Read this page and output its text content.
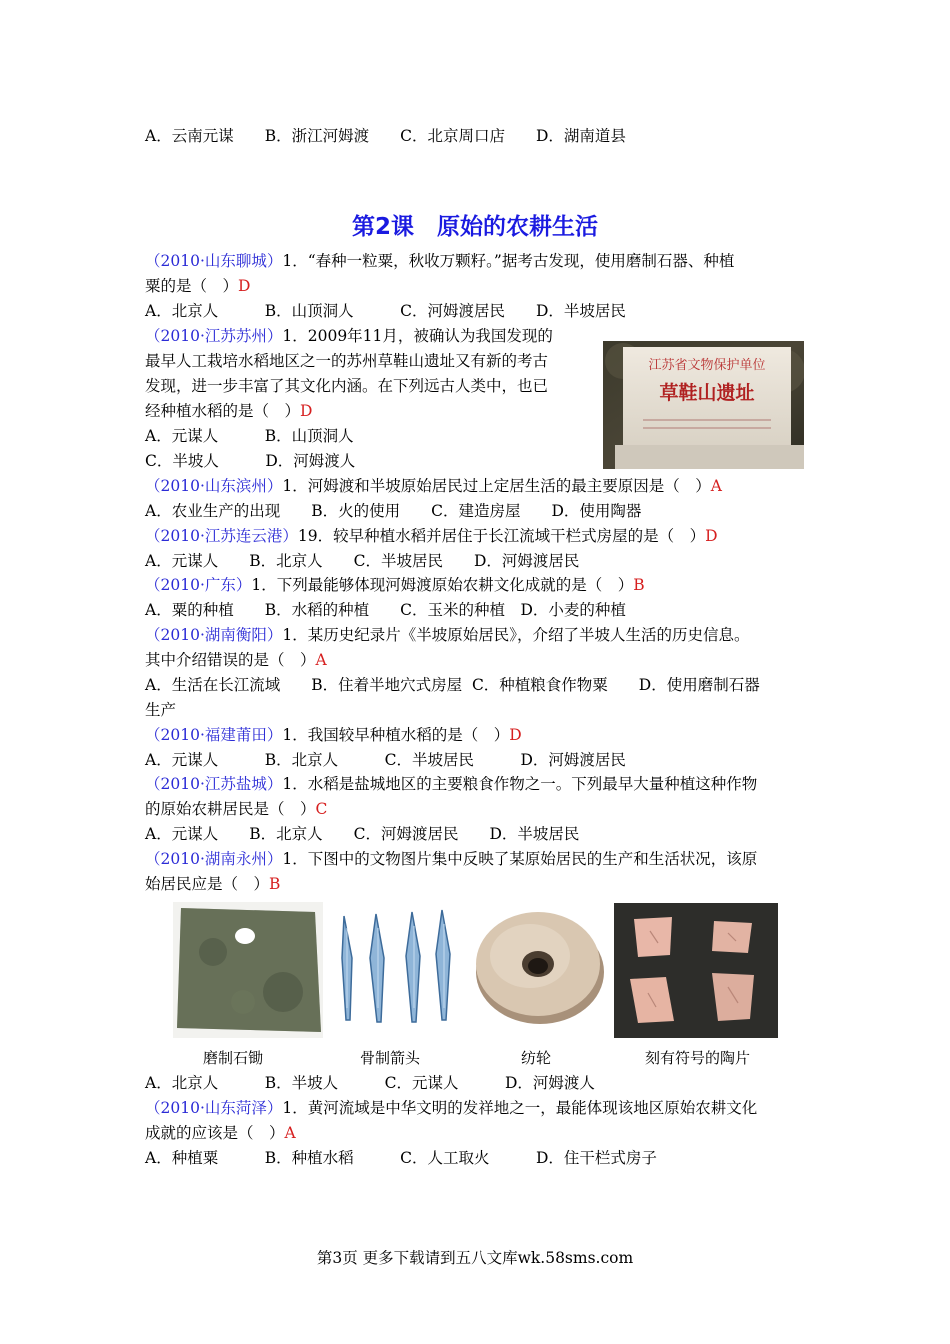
A．云南元谋　　B．浙江河姆渡　　C．北京周口店　　D．湖南道县
第2课　原始的农耕生活
（2010·山东聊城）1．“春种一粒粟，秋收万颗籽。”据考古发现，使用磨制石器、种植
粟的是（　）D
A．北京人　　　B．山顶洞人　　　C．河姆渡居民　　D．半坡居民
（2010·江苏苏州）1．2009年11月，被确认为我国发现的
最早人工栽培水稻地区之一的苏州草鞋山遗址又有新的考古
发现，进一步丰富了其文化内涵。在下列远古人类中，也已
经种植水稻的是（　）D
A．元谋人　　　B．山顶洞人
C．半坡人　　　D．河姆渡人
江苏省文物保护单位
草鞋山遗址
（2010·山东滨州）1．河姆渡和半坡原始居民过上定居生活的最主要原因是（　）A
A．农业生产的出现　　B．火的使用　　C．建造房屋　　D．使用陶器
（2010·江苏连云港）19．较早种植水稻并居住于长江流域干栏式房屋的是（　）D
A．元谋人　　B．北京人　　C．半坡居民　　D．河姆渡居民
（2010·广东）1．下列最能够体现河姆渡原始农耕文化成就的是（　）B
A．粟的种植　　B．水稻的种植　　C．玉米的种植　D．小麦的种植
（2010·湖南衡阳）1．某历史纪录片《半坡原始居民》，介绍了半坡人生活的历史信息。
其中介绍错误的是（　）A
A．生活在长江流域　　B．住着半地穴式房屋  C．种植粮食作物粟　　D．使用磨制石器
生产
（2010·福建莆田）1．我国较早种植水稻的是（　）D
A．元谋人　　　B．北京人　　　C．半坡居民　　　D．河姆渡居民
（2010·江苏盐城）1．水稻是盐城地区的主要粮食作物之一。下列最早大量种植这种作物
的原始农耕居民是（　）C
A．元谋人　　B．北京人　　C．河姆渡居民　　D．半坡居民
（2010·湖南永州）1．下图中的文物图片集中反映了某原始居民的生产和生活状况，该原
始居民应是（　）B
磨制石锄	骨制箭头	纺轮	刻有符号的陶片
A．北京人　　　B．半坡人　　　C．元谋人　　　D．河姆渡人
（2010·山东菏泽）1．黄河流域是中华文明的发祥地之一，最能体现该地区原始农耕文化
成就的应该是（　）A
A．种植粟　　　B．种植水稻　　　C．人工取火　　　D．住干栏式房子
第3页 更多下载请到五八文库wk.58sms.com
